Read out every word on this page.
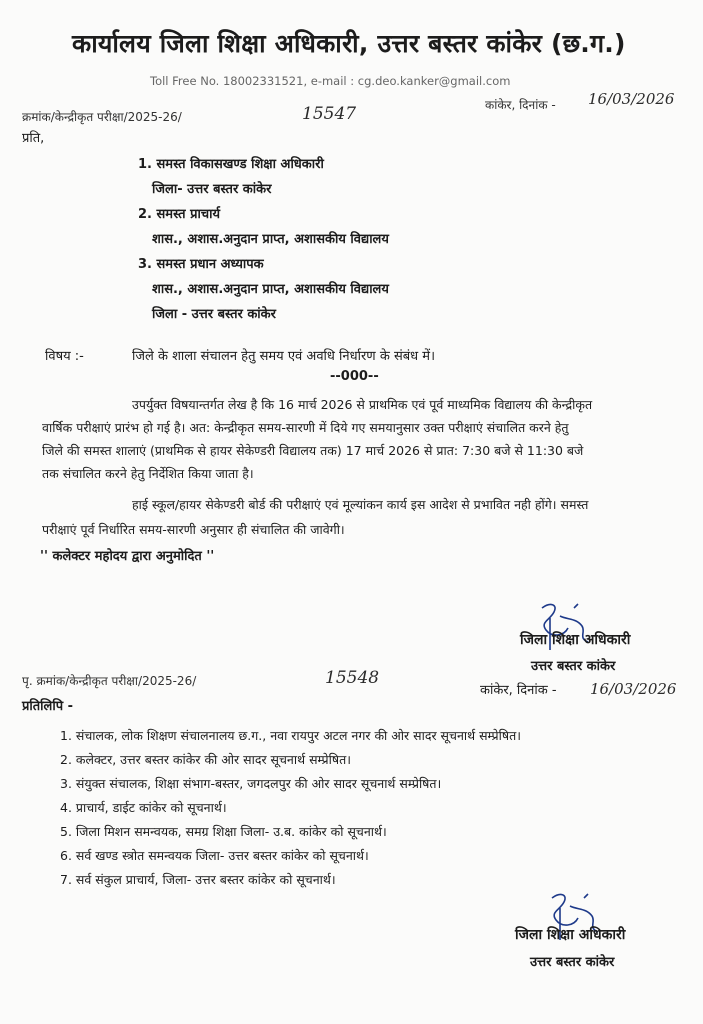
कार्यालय जिला शिक्षा अधिकारी, उत्तर बस्तर कांकेर (छ.ग.)
Toll Free No. 18002331521, e-mail : cg.deo.kanker@gmail.com
क्रमांक/केन्द्रीकृत परीक्षा/2025-26/	15547	कांकेर, दिनांक - 16/03/2026
प्रति,
1. समस्त विकासखण्ड शिक्षा अधिकारी
जिला- उत्तर बस्तर कांकेर
2. समस्त प्राचार्य
शास., अशास.अनुदान प्राप्त, अशासकीय विद्यालय
3. समस्त प्रधान अध्यापक
शास., अशास.अनुदान प्राप्त, अशासकीय विद्यालय
जिला - उत्तर बस्तर कांकेर
विषय :-	जिले के शाला संचालन हेतु समय एवं अवधि निर्धारण के संबंध में।
--000--
उपर्युक्त विषयान्तर्गत लेख है कि 16 मार्च 2026 से प्राथमिक एवं पूर्व माध्यमिक विद्यालय की केन्द्रीकृत
वार्षिक परीक्षाएं प्रारंभ हो गई है। अत: केन्द्रीकृत समय-सारणी में दिये गए समयानुसार उक्त परीक्षाएं संचालित करने हेतु
जिले की समस्त शालाएं (प्राथमिक से हायर सेकेण्डरी विद्यालय तक) 17 मार्च 2026 से प्रात: 7:30 बजे से 11:30 बजे
तक संचालित करने हेतु निर्देशित किया जाता है।
हाई स्कूल/हायर सेकेण्डरी बोर्ड की परीक्षाएं एवं मूल्यांकन कार्य इस आदेश से प्रभावित नही होंगे। समस्त
परीक्षाएं पूर्व निर्धारित समय-सारणी अनुसार ही संचालित की जावेगी।
'' कलेक्टर महोदय द्वारा अनुमोदित ''
जिला शिक्षा अधिकारी
उत्तर बस्तर कांकेर
पृ. क्रमांक/केन्द्रीकृत परीक्षा/2025-26/	15548
कांकेर, दिनांक - 16/03/2026
प्रतिलिपि -
1. संचालक, लोक शिक्षण संचालनालय छ.ग., नवा रायपुर अटल नगर की ओर सादर सूचनार्थ सम्प्रेषित।
2. कलेक्टर, उत्तर बस्तर कांकेर की ओर सादर सूचनार्थ सम्प्रेषित।
3. संयुक्त संचालक, शिक्षा संभाग-बस्तर, जगदलपुर की ओर सादर सूचनार्थ सम्प्रेषित।
4. प्राचार्य, डाईट कांकेर को सूचनार्थ।
5. जिला मिशन समन्वयक, समग्र शिक्षा जिला- उ.ब. कांकेर को सूचनार्थ।
6. सर्व खण्ड स्त्रोत समन्वयक जिला- उत्तर बस्तर कांकेर को सूचनार्थ।
7. सर्व संकुल प्राचार्य, जिला- उत्तर बस्तर कांकेर को सूचनार्थ।
जिला शिक्षा अधिकारी
उत्तर बस्तर कांकेर
